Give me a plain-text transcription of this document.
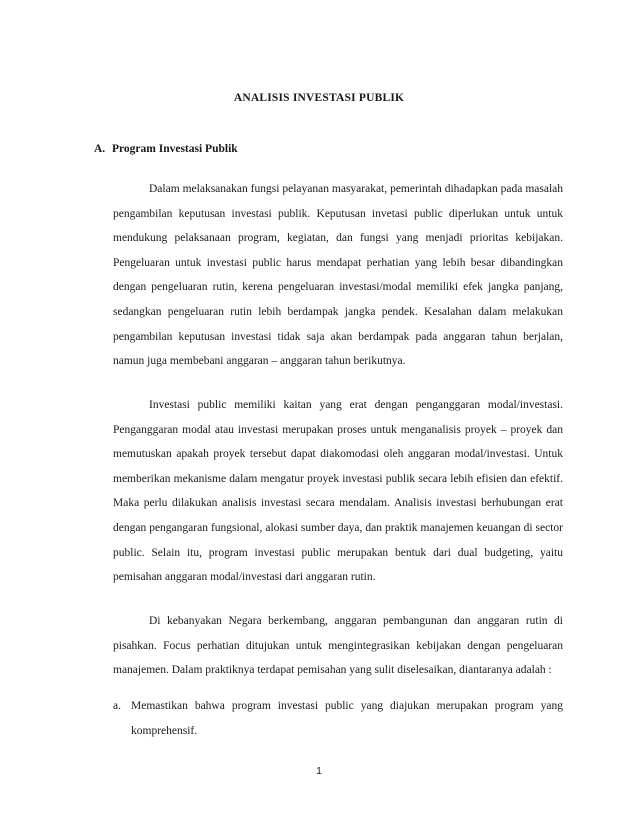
ANALISIS INVESTASI PUBLIK
A. Program Investasi Publik

Dalam melaksanakan fungsi pelayanan masyarakat, pemerintah dihadapkan pada masalah pengambilan keputusan investasi publik. Keputusan invetasi public diperlukan untuk untuk mendukung pelaksanaan program, kegiatan, dan fungsi yang menjadi prioritas kebijakan. Pengeluaran untuk investasi public harus mendapat perhatian yang lebih besar dibandingkan dengan pengeluaran rutin, kerena pengeluaran investasi/modal memiliki efek jangka panjang, sedangkan pengeluaran rutin lebih berdampak jangka pendek. Kesalahan dalam melakukan pengambilan keputusan investasi tidak saja akan berdampak pada anggaran tahun berjalan, namun juga membebani anggaran – anggaran tahun berikutnya.

Investasi public memiliki kaitan yang erat dengan penganggaran modal/investasi. Penganggaran modal atau investasi merupakan proses untuk menganalisis proyek – proyek dan memutuskan apakah proyek tersebut dapat diakomodasi oleh anggaran modal/investasi. Untuk memberikan mekanisme dalam mengatur proyek investasi publik secara lebih efisien dan efektif. Maka perlu dilakukan analisis investasi secara mendalam. Analisis investasi berhubungan erat dengan pengangaran fungsional, alokasi sumber daya, dan praktik manajemen keuangan di sector public. Selain itu, program investasi public merupakan bentuk dari dual budgeting, yaitu pemisahan anggaran modal/investasi dari anggaran rutin.

Di kebanyakan Negara berkembang, anggaran pembangunan dan anggaran rutin di pisahkan. Focus perhatian ditujukan untuk mengintegrasikan kebijakan dengan pengeluaran manajemen. Dalam praktiknya terdapat pemisahan yang sulit diselesaikan, diantaranya adalah :

a. Memastikan bahwa program investasi public yang diajukan merupakan program yang komprehensif.
1
